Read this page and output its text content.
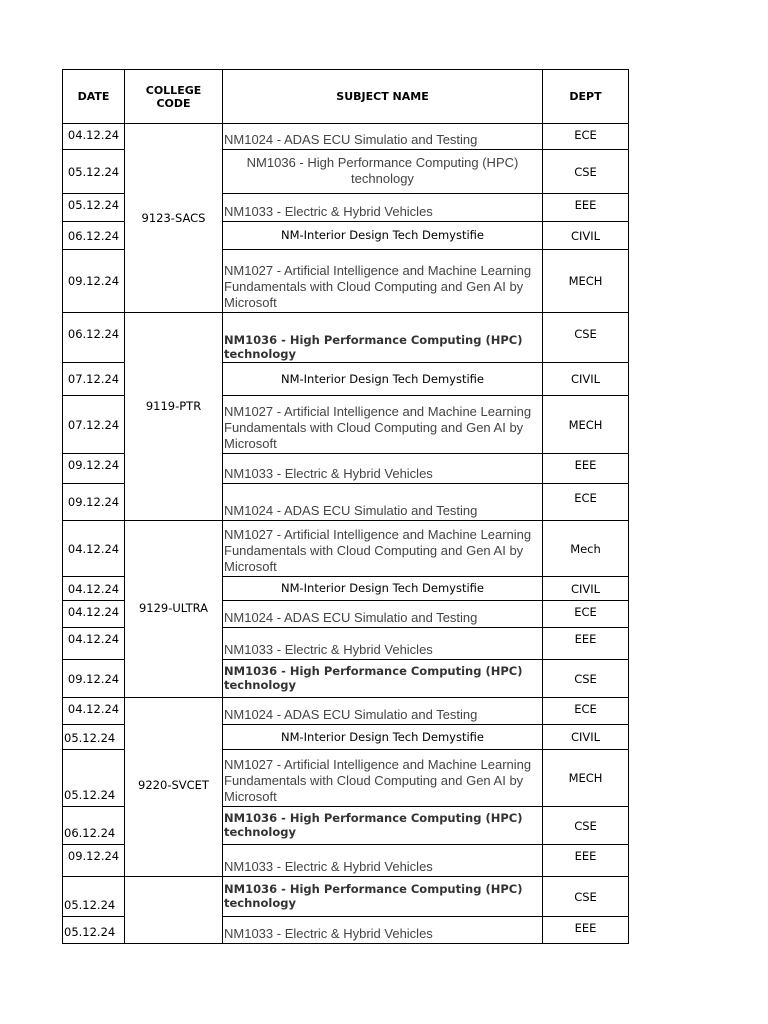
DATE	COLLEGE CODE	SUBJECT NAME	DEPT
04.12.24	9123-SACS	NM1024 - ADAS ECU Simulatio and Testing	ECE
05.12.24		NM1036 - High Performance Computing (HPC) technology	CSE
05.12.24		NM1033 - Electric & Hybrid Vehicles	EEE
06.12.24		NM-Interior Design Tech Demystifie	CIVIL
09.12.24		NM1027 - Artificial Intelligence and Machine Learning Fundamentals with Cloud Computing and Gen AI by Microsoft	MECH
06.12.24	9119-PTR	NM1036 - High Performance Computing (HPC) technology	CSE
07.12.24		NM-Interior Design Tech Demystifie	CIVIL
07.12.24		NM1027 - Artificial Intelligence and Machine Learning Fundamentals with Cloud Computing and Gen AI by Microsoft	MECH
09.12.24		NM1033 - Electric & Hybrid Vehicles	EEE
09.12.24		NM1024 - ADAS ECU Simulatio and Testing	ECE
04.12.24	9129-ULTRA	NM1027 - Artificial Intelligence and Machine Learning Fundamentals with Cloud Computing and Gen AI by Microsoft	Mech
04.12.24		NM-Interior Design Tech Demystifie	CIVIL
04.12.24		NM1024 - ADAS ECU Simulatio and Testing	ECE
04.12.24		NM1033 - Electric & Hybrid Vehicles	EEE
09.12.24		NM1036 - High Performance Computing (HPC) technology	CSE
04.12.24	9220-SVCET	NM1024 - ADAS ECU Simulatio and Testing	ECE
05.12.24		NM-Interior Design Tech Demystifie	CIVIL
05.12.24		NM1027 - Artificial Intelligence and Machine Learning Fundamentals with Cloud Computing and Gen AI by Microsoft	MECH
06.12.24		NM1036 - High Performance Computing (HPC) technology	CSE
09.12.24		NM1033 - Electric & Hybrid Vehicles	EEE
05.12.24		NM1036 - High Performance Computing (HPC) technology	CSE
05.12.24		NM1033 - Electric & Hybrid Vehicles	EEE
